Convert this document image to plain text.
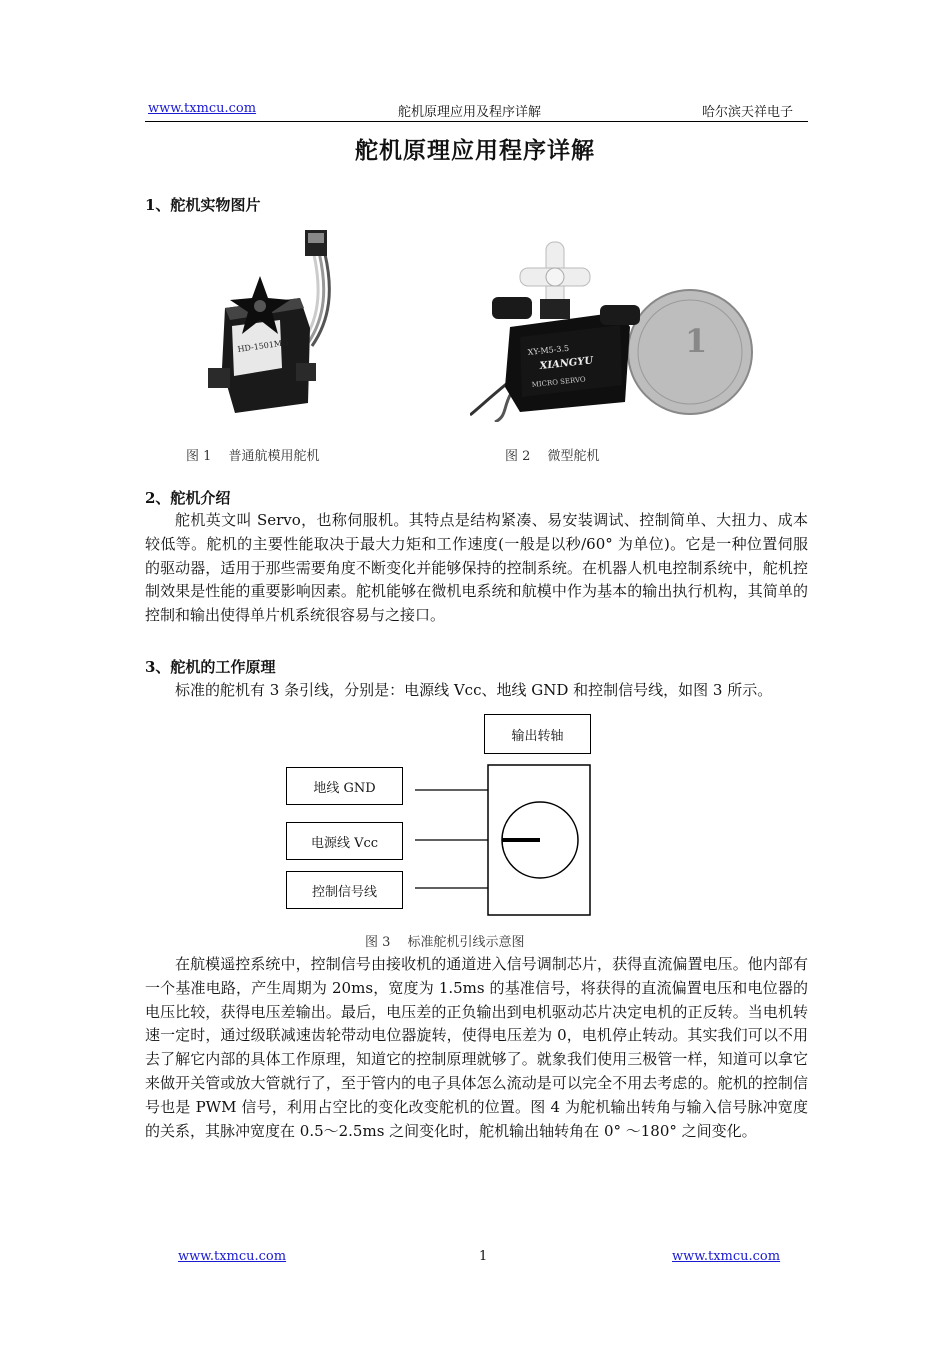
www.txmcu.com	舵机原理应用及程序详解	哈尔滨天祥电子
舵机原理应用程序详解
1、舵机实物图片
HD-1501MG	1
XY-M5-3.5
XIANGYU
MICRO SERVO
图 1　 普通航模用舵机	图 2　 微型舵机
2、舵机介绍

舵机英文叫 Servo，也称伺服机。其特点是结构紧凑、易安装调试、控制简单、大扭力、成本较低等。舵机的主要性能取决于最大力矩和工作速度(一般是以秒/60° 为单位)。它是一种位置伺服的驱动器，适用于那些需要角度不断变化并能够保持的控制系统。在机器人机电控制系统中，舵机控制效果是性能的重要影响因素。舵机能够在微机电系统和航模中作为基本的输出执行机构，其简单的控制和输出使得单片机系统很容易与之接口。

3、舵机的工作原理

标准的舵机有 3 条引线，分别是：电源线 Vcc、地线 GND 和控制信号线，如图 3 所示。

输出转轴
地线 GND
电源线 Vcc
控制信号线
图 3　 标准舵机引线示意图

在航模遥控系统中，控制信号由接收机的通道进入信号调制芯片，获得直流偏置电压。他内部有一个基准电路，产生周期为 20ms，宽度为 1.5ms 的基准信号，将获得的直流偏置电压和电位器的电压比较，获得电压差输出。最后，电压差的正负输出到电机驱动芯片决定电机的正反转。当电机转速一定时，通过级联减速齿轮带动电位器旋转，使得电压差为 0，电机停止转动。其实我们可以不用去了解它内部的具体工作原理，知道它的控制原理就够了。就象我们使用三极管一样，知道可以拿它来做开关管或放大管就行了，至于管内的电子具体怎么流动是可以完全不用去考虑的。舵机的控制信号也是 PWM 信号，利用占空比的变化改变舵机的位置。图 4 为舵机输出转角与输入信号脉冲宽度的关系，其脉冲宽度在 0.5～2.5ms 之间变化时，舵机输出轴转角在 0° ～180° 之间变化。

www.txmcu.com	1	www.txmcu.com
